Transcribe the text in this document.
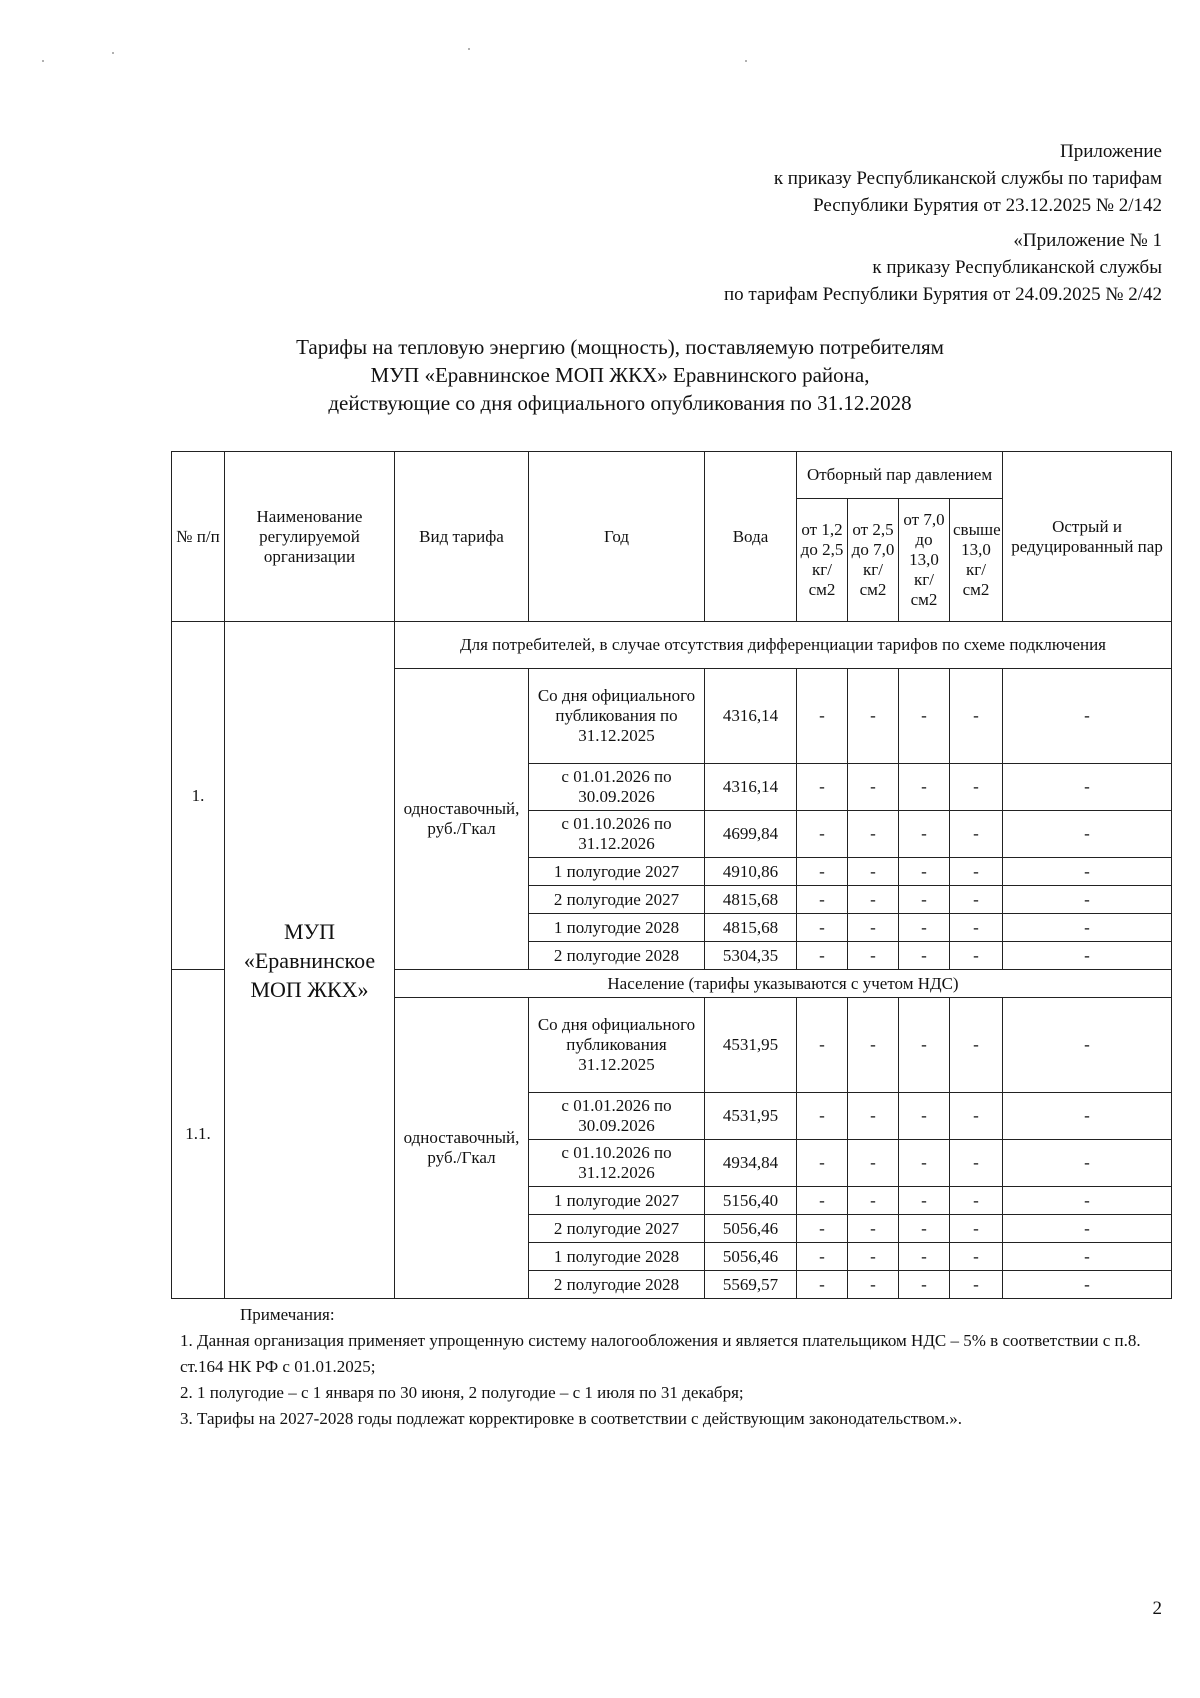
Приложение
к приказу Республиканской службы по тарифам
Республики Бурятия от 23.12.2025 № 2/142
«Приложение № 1
к приказу Республиканской службы
по тарифам Республики Бурятия от 24.09.2025 № 2/42
Тарифы на тепловую энергию (мощность), поставляемую потребителям
МУП «Еравнинское МОП ЖКХ» Еравнинского района,
действующие со дня официального опубликования по 31.12.2028
№ п/п	Наименование регулируемой организации	Вид тарифа	Год	Вода	Отборный пар давлением				Острый и редуцированный пар
					от 1,2 до 2,5 кг/см2	от 2,5 до 7,0 кг/см2	от 7,0 до 13,0 кг/см2	свыше 13,0 кг/см2	
1.	МУП «Еравнинское МОП ЖКХ»	Для потребителей, в случае отсутствия дифференциации тарифов по схеме подключения							
		одноставочный, руб./Гкал	Со дня официального публикования по 31.12.2025	4316,14	-	-	-	-	-
			с 01.01.2026 по 30.09.2026	4316,14	-	-	-	-	-
			с 01.10.2026 по 31.12.2026	4699,84	-	-	-	-	-
			1 полугодие 2027	4910,86	-	-	-	-	-
			2 полугодие 2027	4815,68	-	-	-	-	-
			1 полугодие 2028	4815,68	-	-	-	-	-
			2 полугодие 2028	5304,35	-	-	-	-	-
1.1.		Население (тарифы указываются с учетом НДС)							
		одноставочный, руб./Гкал	Со дня официального публикования 31.12.2025	4531,95	-	-	-	-	-
			с 01.01.2026 по 30.09.2026	4531,95	-	-	-	-	-
			с 01.10.2026 по 31.12.2026	4934,84	-	-	-	-	-
			1 полугодие 2027	5156,40	-	-	-	-	-
			2 полугодие 2027	5056,46	-	-	-	-	-
			1 полугодие 2028	5056,46	-	-	-	-	-
			2 полугодие 2028	5569,57	-	-	-	-	-
Примечания:
1. Данная организация применяет упрощенную систему налогообложения и является плательщиком НДС – 5% в соответствии с п.8. ст.164 НК РФ с 01.01.2025;
2. 1 полугодие – с 1 января по 30 июня, 2 полугодие – с 1 июля по 31 декабря;
3. Тарифы на 2027-2028 годы подлежат корректировке в соответствии с действующим законодательством.».
2
